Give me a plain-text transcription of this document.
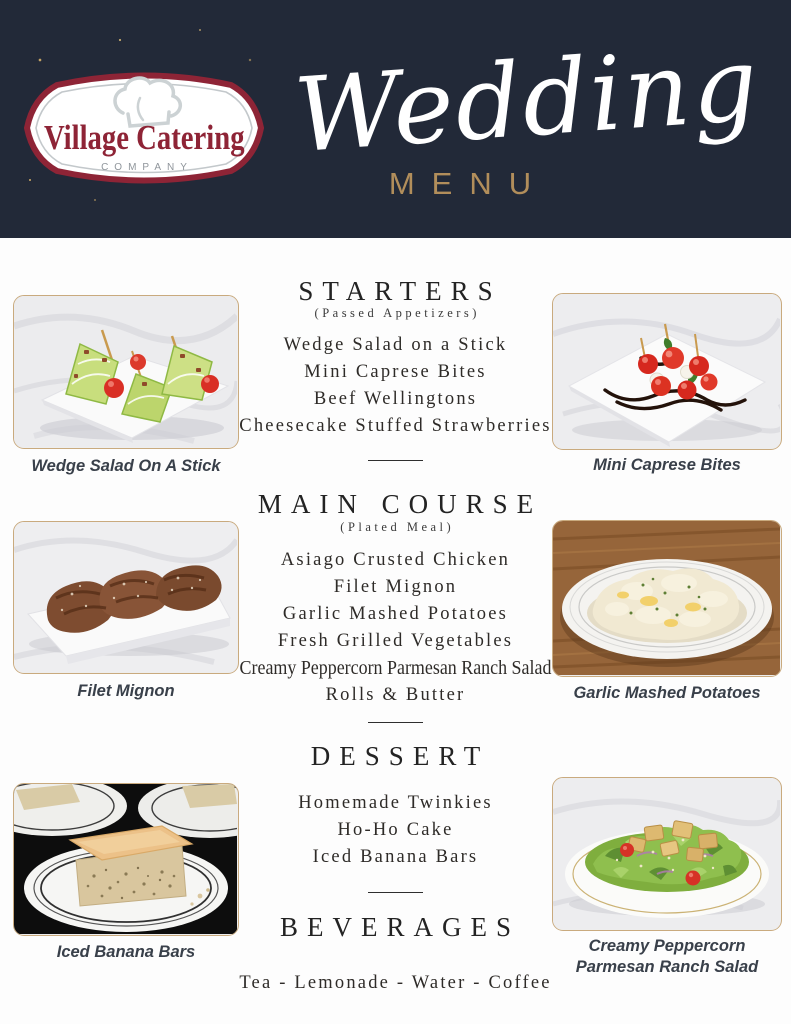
Wedding
MENU
Village Catering
COMPANY
STARTERS
(Passed Appetizers)
Wedge Salad on a Stick
Mini Caprese Bites
Beef Wellingtons
Cheesecake Stuffed Strawberries
MAIN COURSE
(Plated Meal)
Asiago Crusted Chicken
Filet Mignon
Garlic Mashed Potatoes
Fresh Grilled Vegetables
Creamy Peppercorn Parmesan Ranch Salad
Rolls & Butter
DESSERT
Homemade Twinkies
Ho-Ho Cake
Iced Banana Bars
BEVERAGES
Tea - Lemonade - Water - Coffee
Wedge Salad On A Stick	Mini Caprese Bites
Filet Mignon	Garlic Mashed Potatoes
Iced Banana Bars	Creamy Peppercorn
Parmesan Ranch Salad
